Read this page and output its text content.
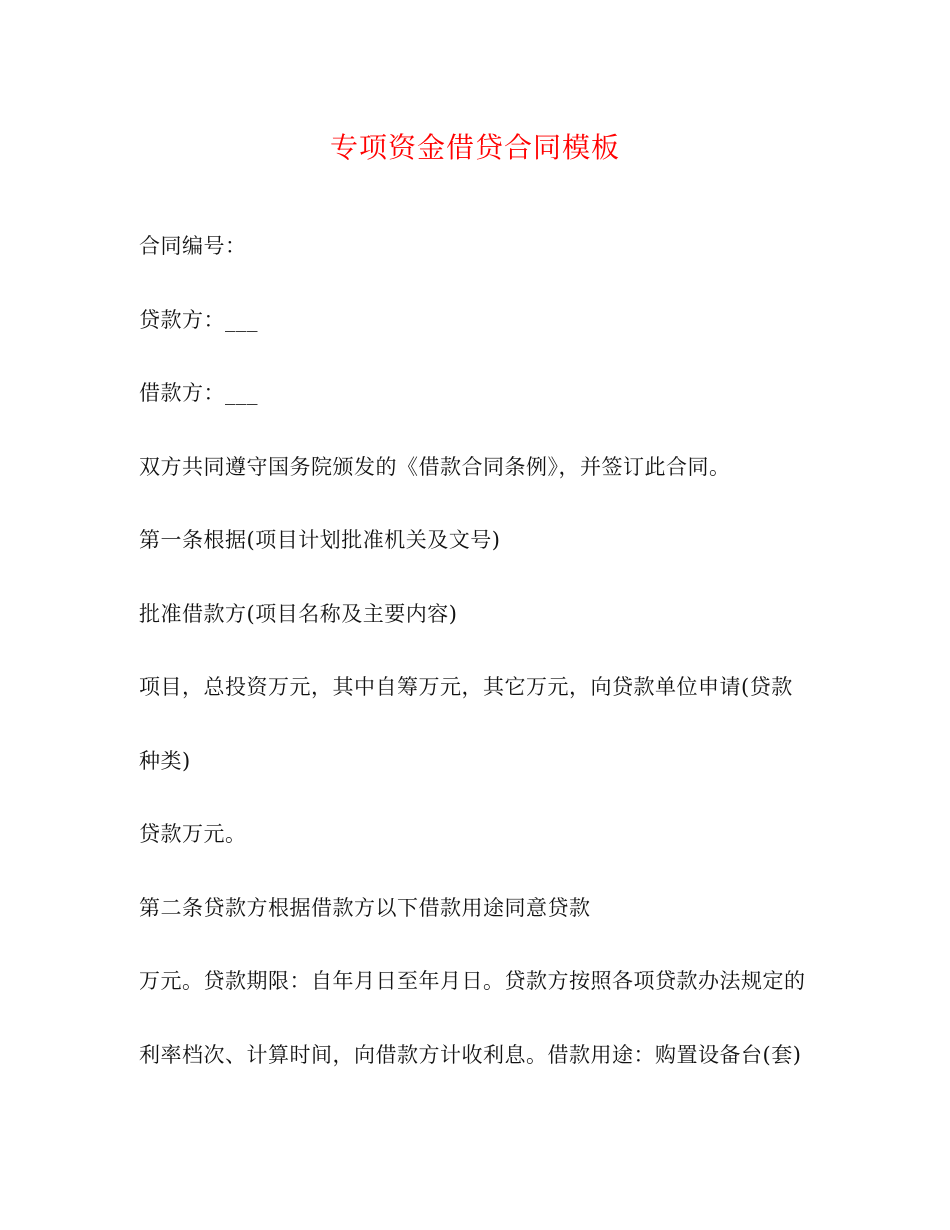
专项资金借贷合同模板
合同编号：
贷款方：___
借款方：___
双方共同遵守国务院颁发的《借款合同条例》，并签订此合同。
第一条根据(项目计划批准机关及文号)
批准借款方(项目名称及主要内容)
项目，总投资万元，其中自筹万元，其它万元，向贷款单位申请(贷款
种类)
贷款万元。
第二条贷款方根据借款方以下借款用途同意贷款
万元。贷款期限：自年月日至年月日。贷款方按照各项贷款办法规定的
利率档次、计算时间，向借款方计收利息。借款用途：购置设备台(套)
